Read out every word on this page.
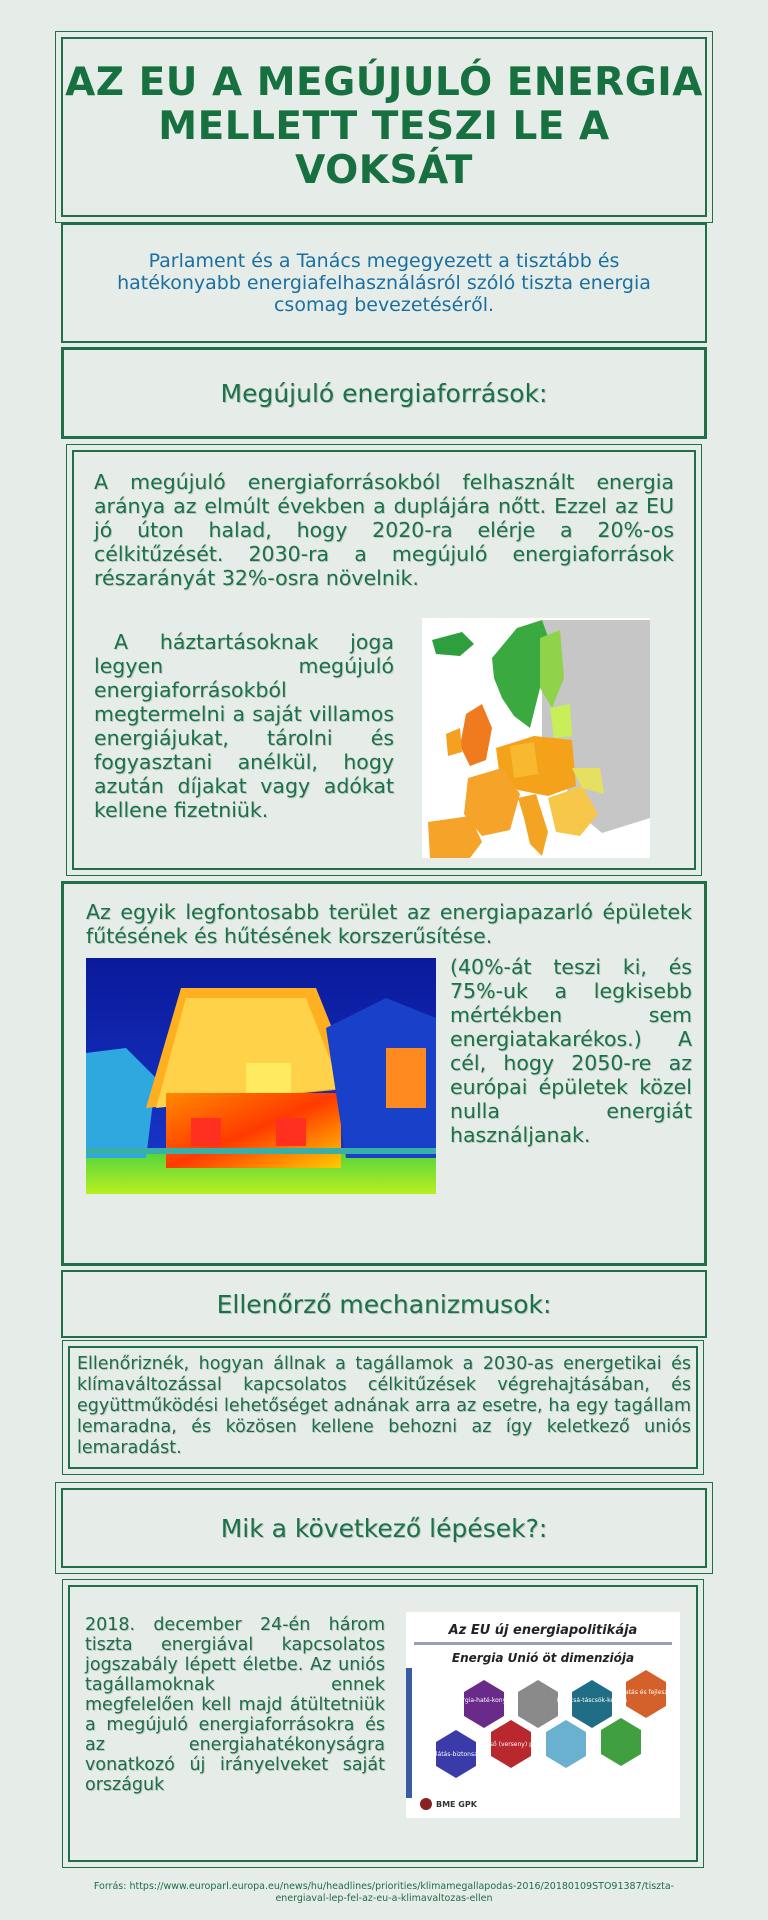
AZ EU A MEGÚJULÓ ENERGIA MELLETT TESZI LE A VOKSÁT
Parlament és a Tanács megegyezett a tisztább és hatékonyabb energiafelhasználásról szóló tiszta energia csomag bevezetéséről.
Megújuló energiaforrások:
A megújuló energiaforrásokból felhasznált energia aránya az elmúlt években a duplájára nőtt. Ezzel az EU jó úton halad, hogy 2020-ra elérje a 20%-os célkitűzését. 2030-ra a megújuló energiaforrások részarányát 32%-osra növelnik.
A háztartásoknak joga legyen megújuló energiaforrásokból megtermelni a saját villamos energiájukat, tárolni és fogyasztani anélkül, hogy azután díjakat vagy adókat kellene fizetniük.
Az egyik legfontosabb terület az energiapazarló épületek fűtésének és hűtésének korszerűsítése.
(40%-át teszi ki, és 75%-uk a legkisebb mértékben sem energiatakarékos.) A cél, hogy 2050-re az európai épületek közel nulla energiát használjanak.
Ellenőrző mechanizmusok:
Ellenőriznék, hogyan állnak a tagállamok a 2030-as energetikai és klímaváltozással kapcsolatos célkitűzések végrehajtásában, és együttműködési lehetőséget adnának arra az esetre, ha egy tagállam lemaradna, és közösen kellene behozni az így keletkező uniós lemaradást.
Mik a következő lépések?:
2018. december 24-én három tiszta energiával kapcsolatos jogszabály lépett életbe. Az uniós tagállamoknak ennek megfelelően kell majd átültetniük a megújuló energiaforrásokra és az energiahatékonyságra vonatkozó új irányelveket saját országuk
Az EU új energiapolitikája
Energia Unió öt dimenziója
Energia-haté-konyság	Kibocsá-táscsök-kentés
Kutatás és fejlesztés
Belső (verseny) piac
Ellátás-biztonság
BME GPK
Forrás: https://www.europarl.europa.eu/news/hu/headlines/priorities/klimamegallapodas-2016/20180109STO91387/tiszta-energiaval-lep-fel-az-eu-a-klimavaltozas-ellen
